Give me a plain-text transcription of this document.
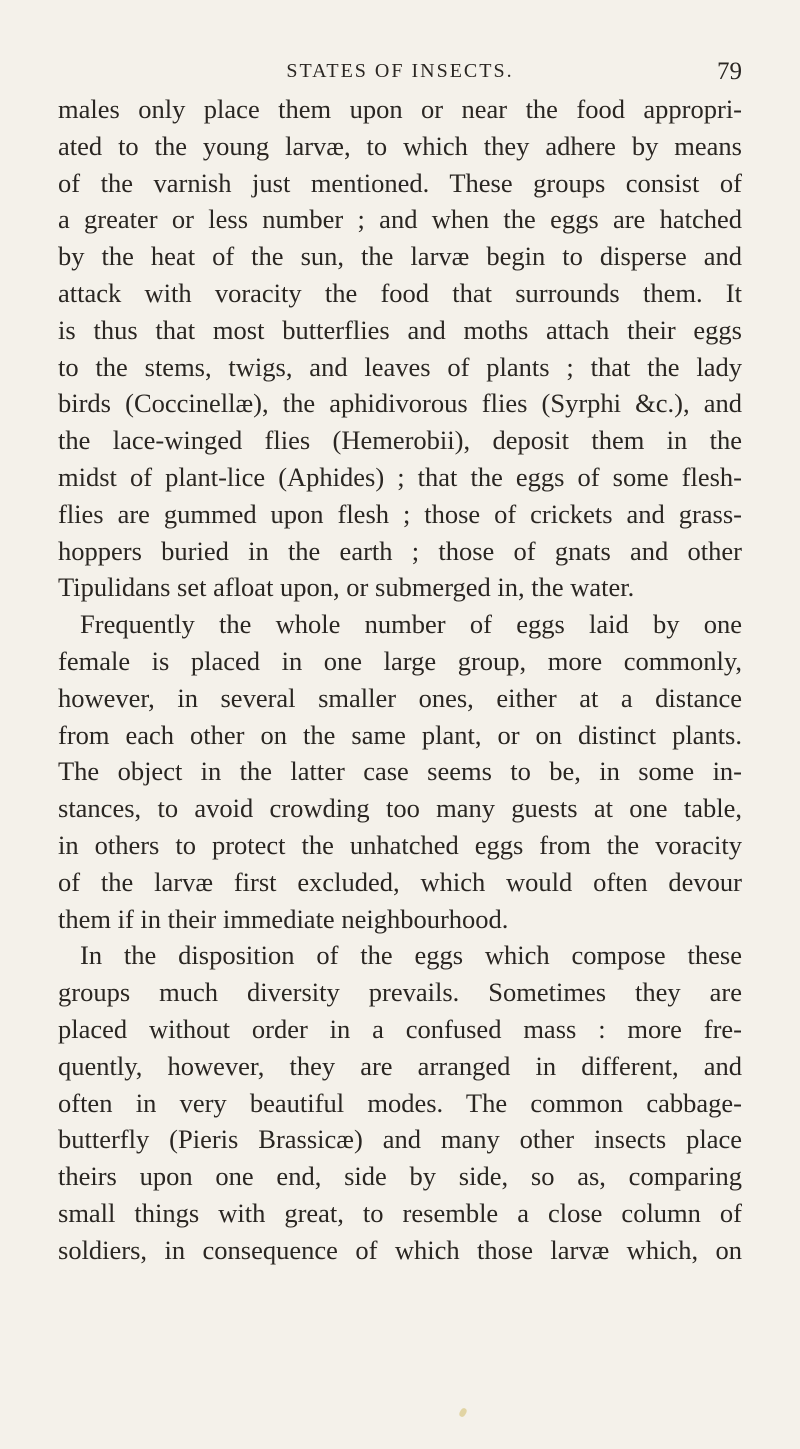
STATES OF INSECTS.	79
males only place them upon or near the food appropri-
ated to the young larvæ, to which they adhere by means
of the varnish just mentioned. These groups consist of
a greater or less number ; and when the eggs are hatched
by the heat of the sun, the larvæ begin to disperse and
attack with voracity the food that surrounds them. It
is thus that most butterflies and moths attach their eggs
to the stems, twigs, and leaves of plants ; that the lady
birds (Coccinellæ), the aphidivorous flies (Syrphi &c.), and
the lace-winged flies (Hemerobii), deposit them in the
midst of plant-lice (Aphides) ; that the eggs of some flesh-
flies are gummed upon flesh ; those of crickets and grass-
hoppers buried in the earth ; those of gnats and other
Tipulidans set afloat upon, or submerged in, the water.
Frequently the whole number of eggs laid by one
female is placed in one large group, more commonly,
however, in several smaller ones, either at a distance
from each other on the same plant, or on distinct plants.
The object in the latter case seems to be, in some in-
stances, to avoid crowding too many guests at one table,
in others to protect the unhatched eggs from the voracity
of the larvæ first excluded, which would often devour
them if in their immediate neighbourhood.
In the disposition of the eggs which compose these
groups much diversity prevails. Sometimes they are
placed without order in a confused mass : more fre-
quently, however, they are arranged in different, and
often in very beautiful modes. The common cabbage-
butterfly (Pieris Brassicæ) and many other insects place
theirs upon one end, side by side, so as, comparing
small things with great, to resemble a close column of
soldiers, in consequence of which those larvæ which, on
